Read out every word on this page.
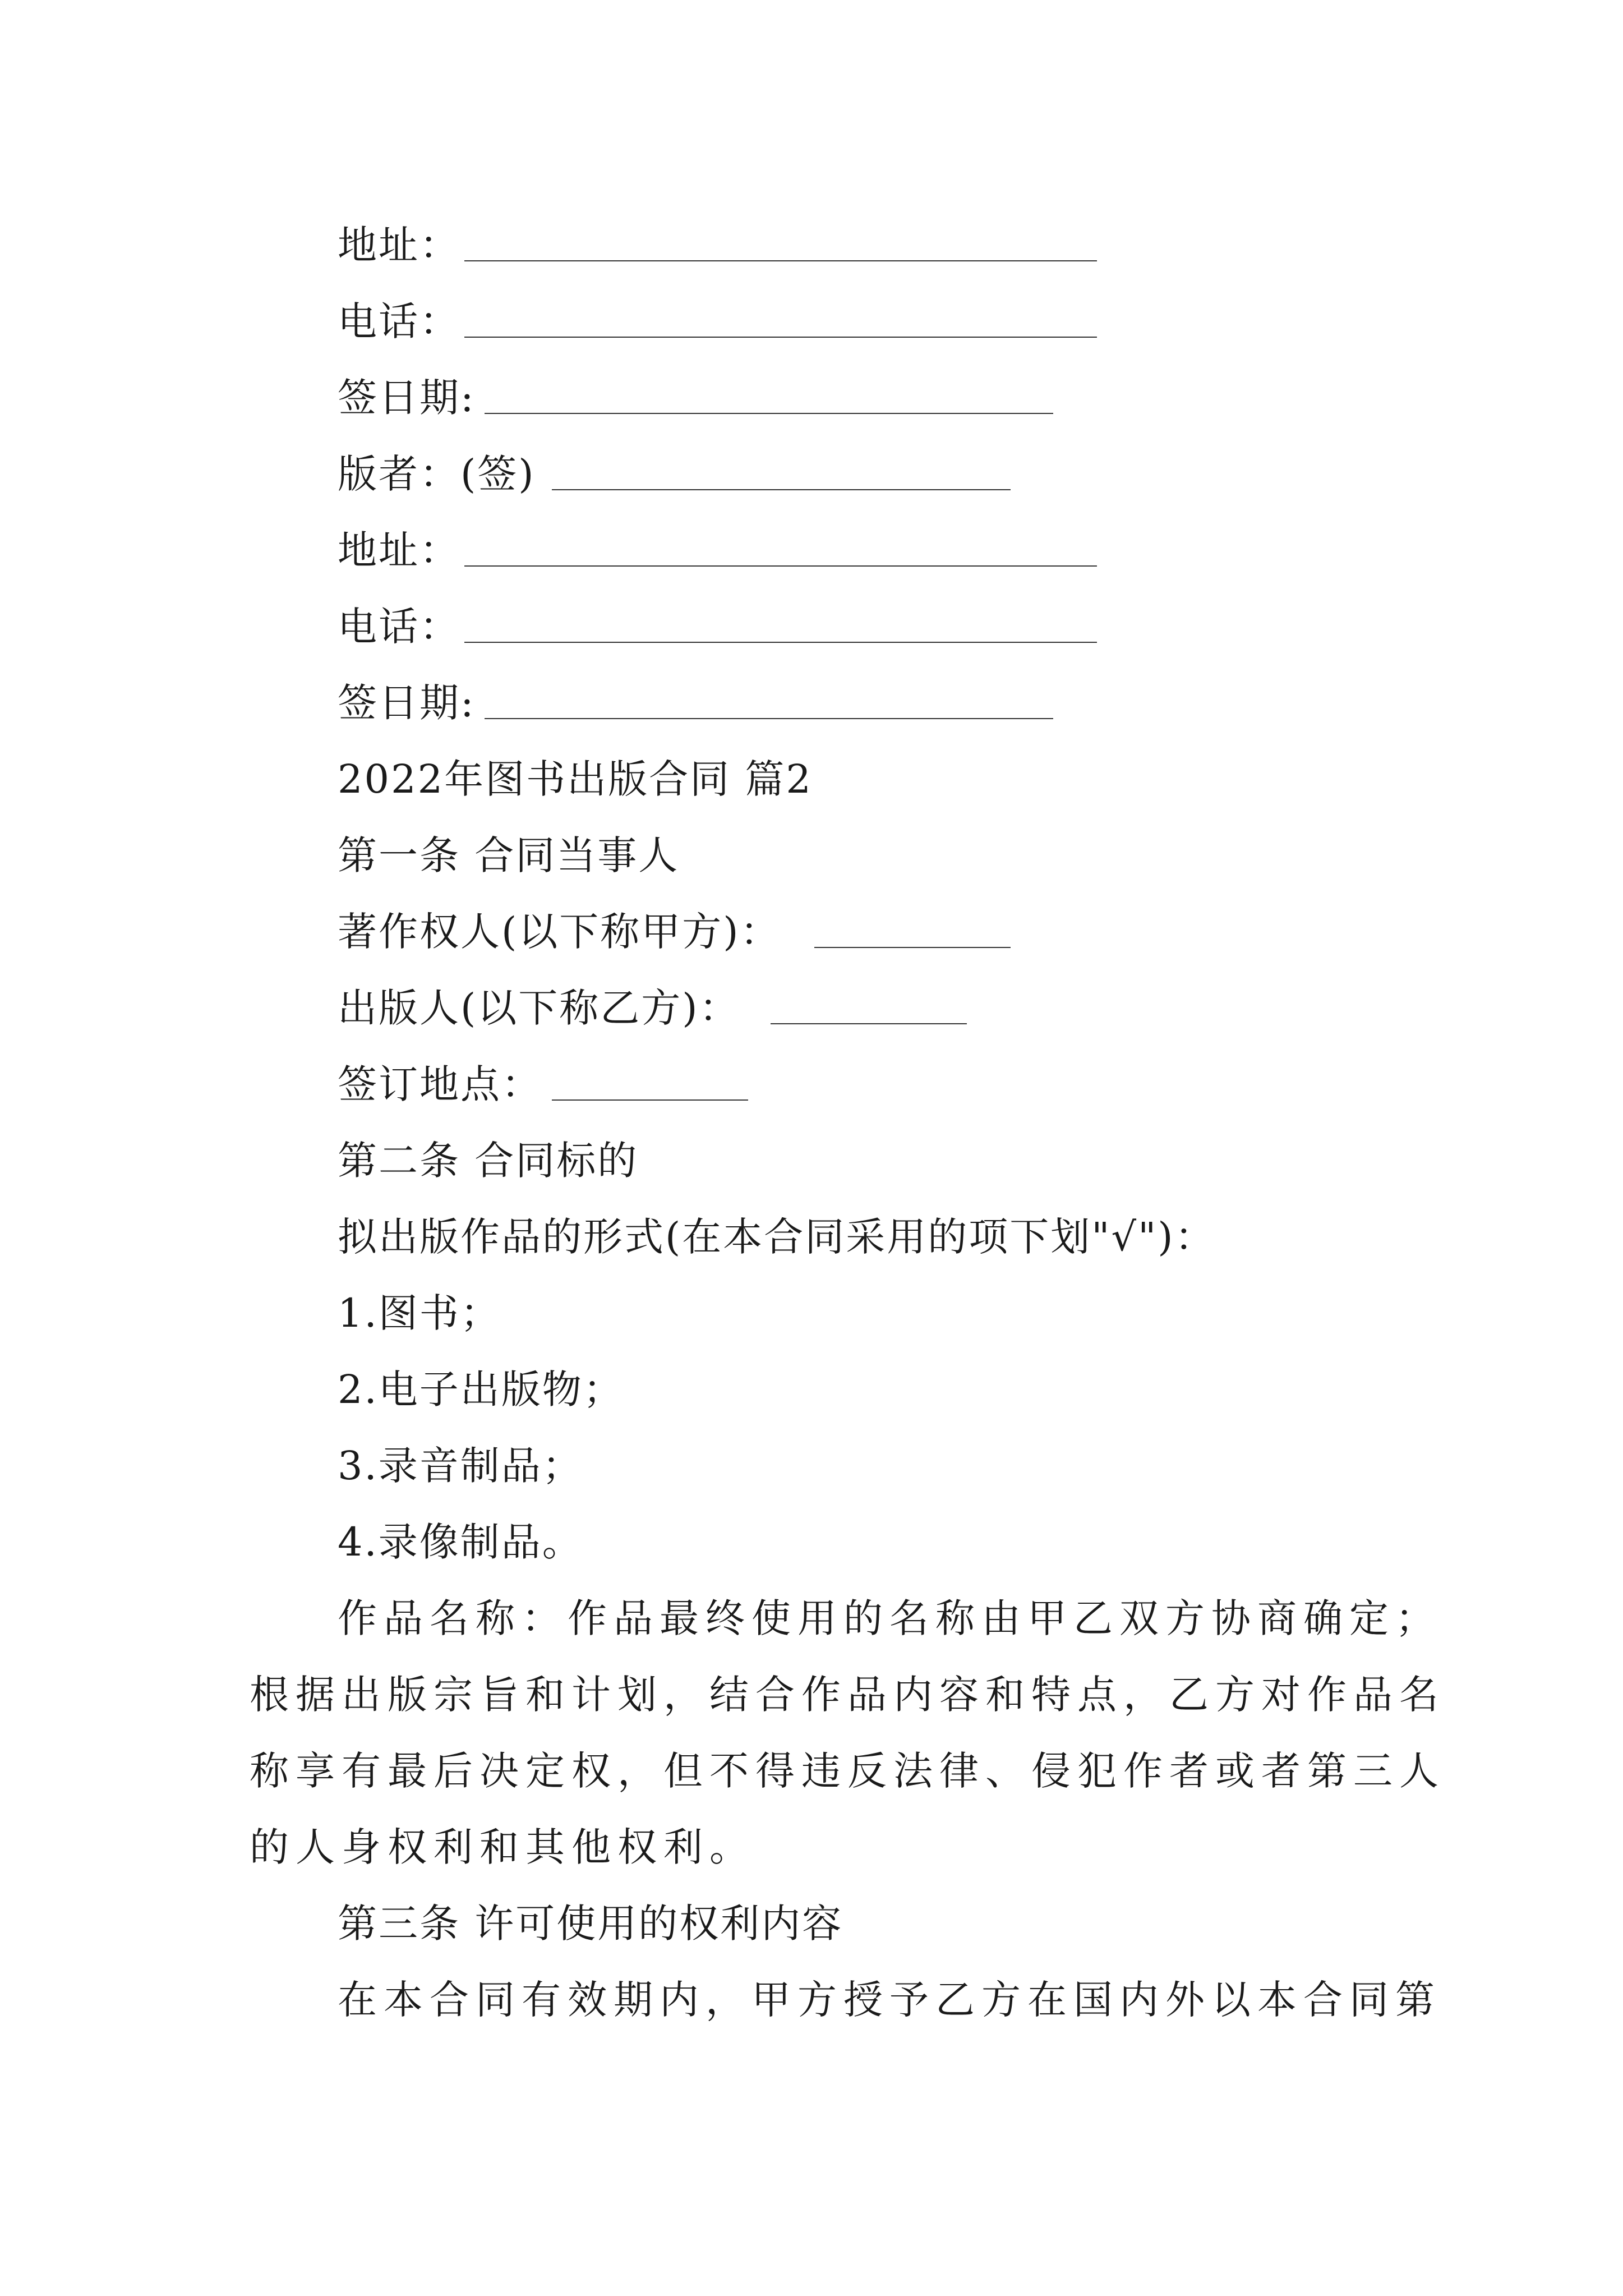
地址：
电话：
签日期:
版者：(签)
地址：
电话：
签日期:
2022年图书出版合同 篇2
第一条 合同当事人
著作权人(以下称甲方)：
出版人(以下称乙方)：
签订地点：
第二条 合同标的
拟出版作品的形式(在本合同采用的项下划"√")：
1.图书；
2.电子出版物；
3.录音制品；
4.录像制品。
作品名称：作品最终使用的名称由甲乙双方协商确定；
根据出版宗旨和计划，结合作品内容和特点，乙方对作品名
称享有最后决定权，但不得违反法律、侵犯作者或者第三人
的人身权利和其他权利。
第三条 许可使用的权利内容
在本合同有效期内，甲方授予乙方在国内外以本合同第
